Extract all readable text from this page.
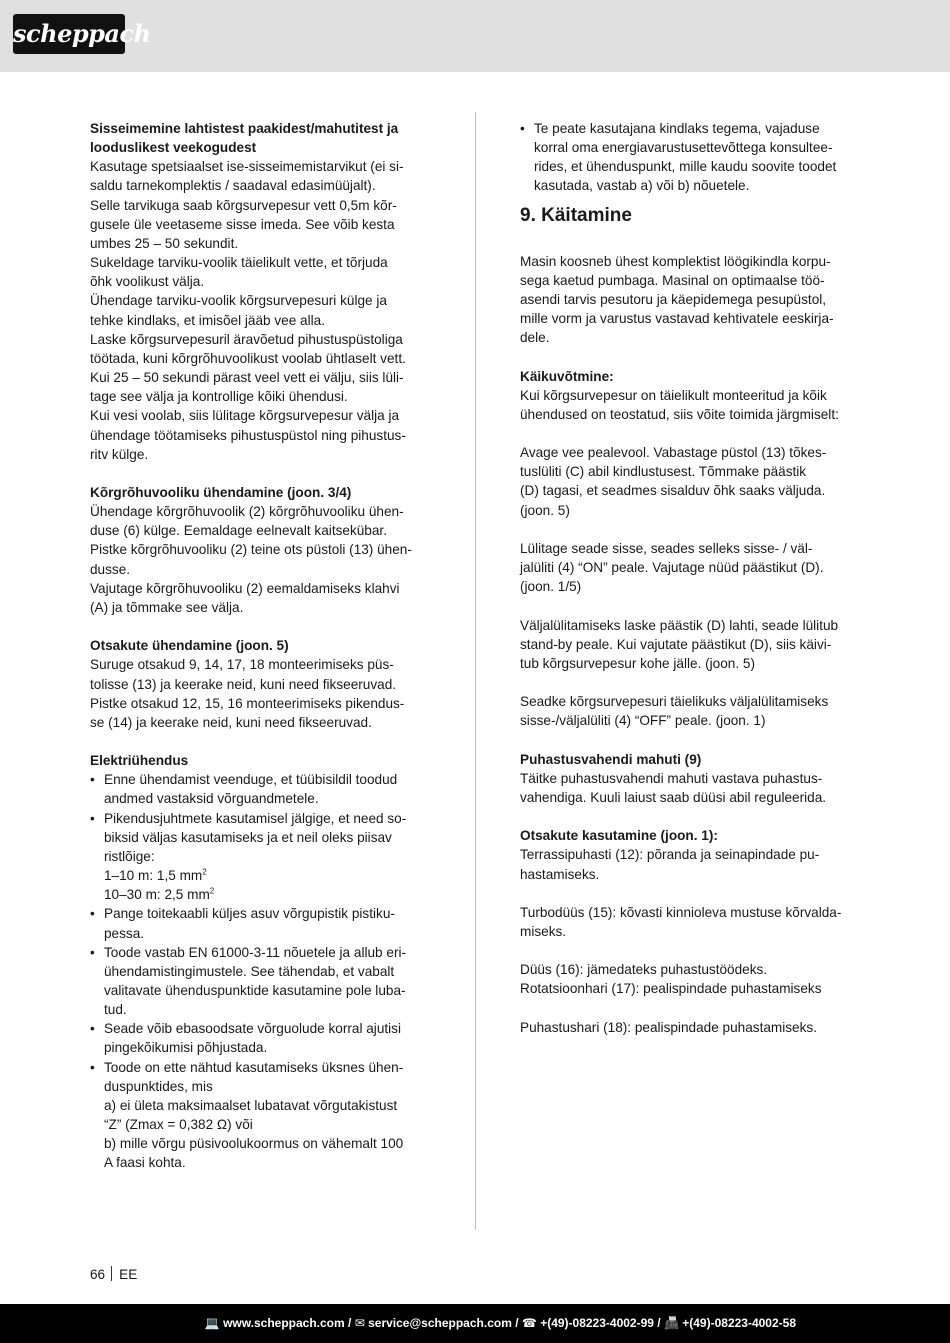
scheppach

Sisseimemine lahtistest paakidest/mahutitest ja

looduslikest veekogudest

Kasutage spetsiaalset ise-sisseimemistarvikut (ei si-

saldu tarnekomplektis / saadaval edasimüüjalt).

Selle tarvikuga saab kõrgsurvepesur vett 0,5m kõr-

gusele üle veetaseme sisse imeda. See võib kesta

umbes 25 – 50 sekundit.

Sukeldage tarviku-voolik täielikult vette, et tõrjuda

õhk voolikust välja.

Ühendage tarviku-voolik kõrgsurvepesuri külge ja

tehke kindlaks, et imisõel jääb vee alla.

Laske kõrgsurvepesuril äravõetud pihustuspüstoliga

töötada, kuni kõrgrõhuvoolikust voolab ühtlaselt vett.

Kui 25 – 50 sekundi pärast veel vett ei välju, siis lüli-

tage see välja ja kontrollige kõiki ühendusi.

Kui vesi voolab, siis lülitage kõrgsurvepesur välja ja

ühendage töötamiseks pihustuspüstol ning pihustus-

ritv külge.

Kõrgrõhuvooliku ühendamine (joon. 3/4)

Ühendage kõrgrõhuvoolik (2) kõrgrõhuvooliku ühen-

duse (6) külge. Eemaldage eelnevalt kaitsekübar.

Pistke kõrgrõhuvooliku (2) teine ots püstoli (13) ühen-

dusse.

Vajutage kõrgrõhuvooliku (2) eemaldamiseks klahvi

(A) ja tõmmake see välja.

Otsakute ühendamine (joon. 5)

Suruge otsakud 9, 14, 17, 18 monteerimiseks püs-

tolisse (13) ja keerake neid, kuni need fikseeruvad.

Pistke otsakud 12, 15, 16 monteerimiseks pikendus-

se (14) ja keerake neid, kuni need fikseeruvad.

Elektriühendus

• Enne ühendamist veenduge, et tüübisildil toodud

andmed vastaksid võrguandmetele.

• Pikendusjuhtmete kasutamisel jälgige, et need so-

biksid väljas kasutamiseks ja et neil oleks piisav

ristlõige:

1–10 m: 1,5 $mm^2$

10–30 m: 2,5 $mm^2$

• Pange toitekaabli küljes asuv võrgupistik pistiku-

pessa.

• Toode vastab EN 61000-3-11 nõuetele ja allub eri-

ühendamistingimustele. See tähendab, et vabalt

valitavate ühenduspunktide kasutamine pole luba-

tud.

• Seade võib ebasoodsate võrguolude korral ajutisi

pingekõikumisi põhjustada.

• Toode on ette nähtud kasutamiseks üksnes ühen-

duspunktides, mis

a) ei ületa maksimaalset lubatavat võrgutakistust

“Z” (Zmax = 0,382 Ω) või

b) mille võrgu püsivoolukoormus on vähemalt 100

A faasi kohta.

• Te peate kasutajana kindlaks tegema, vajaduse

korral oma energiavarustusettevõttega konsultee-

rides, et ühenduspunkt, mille kaudu soovite toodet

kasutada, vastab a) või b) nõuetele.

9. Käitamine

Masin koosneb ühest komplektist löögikindla korpu-

sega kaetud pumbaga. Masinal on optimaalse töö-

asendi tarvis pesutoru ja käepidemega pesupüstol,

mille vorm ja varustus vastavad kehtivatele eeskirja-

dele.

Käikuvõtmine:

Kui kõrgsurvepesur on täielikult monteeritud ja kõik

ühendused on teostatud, siis võite toimida järgmiselt:

Avage vee pealevool. Vabastage püstol (13) tõkes-

tuslüliti (C) abil kindlustusest. Tõmmake päästik

(D) tagasi, et seadmes sisalduv õhk saaks väljuda.

(joon. 5)

Lülitage seade sisse, seades selleks sisse- / väl-

jalüliti (4) “ON” peale. Vajutage nüüd päästikut (D).

(joon. 1/5)

Väljalülitamiseks laske päästik (D) lahti, seade lülitub

stand-by peale. Kui vajutate päästikut (D), siis käivi-

tub kõrgsurvepesur kohe jälle. (joon. 5)

Seadke kõrgsurvepesuri täielikuks väljalülitamiseks

sisse-/väljalüliti (4) “OFF” peale. (joon. 1)

Puhastusvahendi mahuti (9)

Täitke puhastusvahendi mahuti vastava puhastus-

vahendiga. Kuuli laiust saab düüsi abil reguleerida.

Otsakute kasutamine (joon. 1):

Terrassipuhasti (12): põranda ja seinapindade pu-

hastamiseks.

Turbodüüs (15): kõvasti kinnioleva mustuse kõrvalda-

miseks.

Düüs (16): jämedateks puhastustöödeks.

Rotatsioonhari (17): pealispindade puhastamiseks

Puhastushari (18): pealispindade puhastamiseks.

66 EE
💻 www.scheppach.com / ✉ service@scheppach.com / ☎ +(49)-08223-4002-99 / 📠 +(49)-08223-4002-58
